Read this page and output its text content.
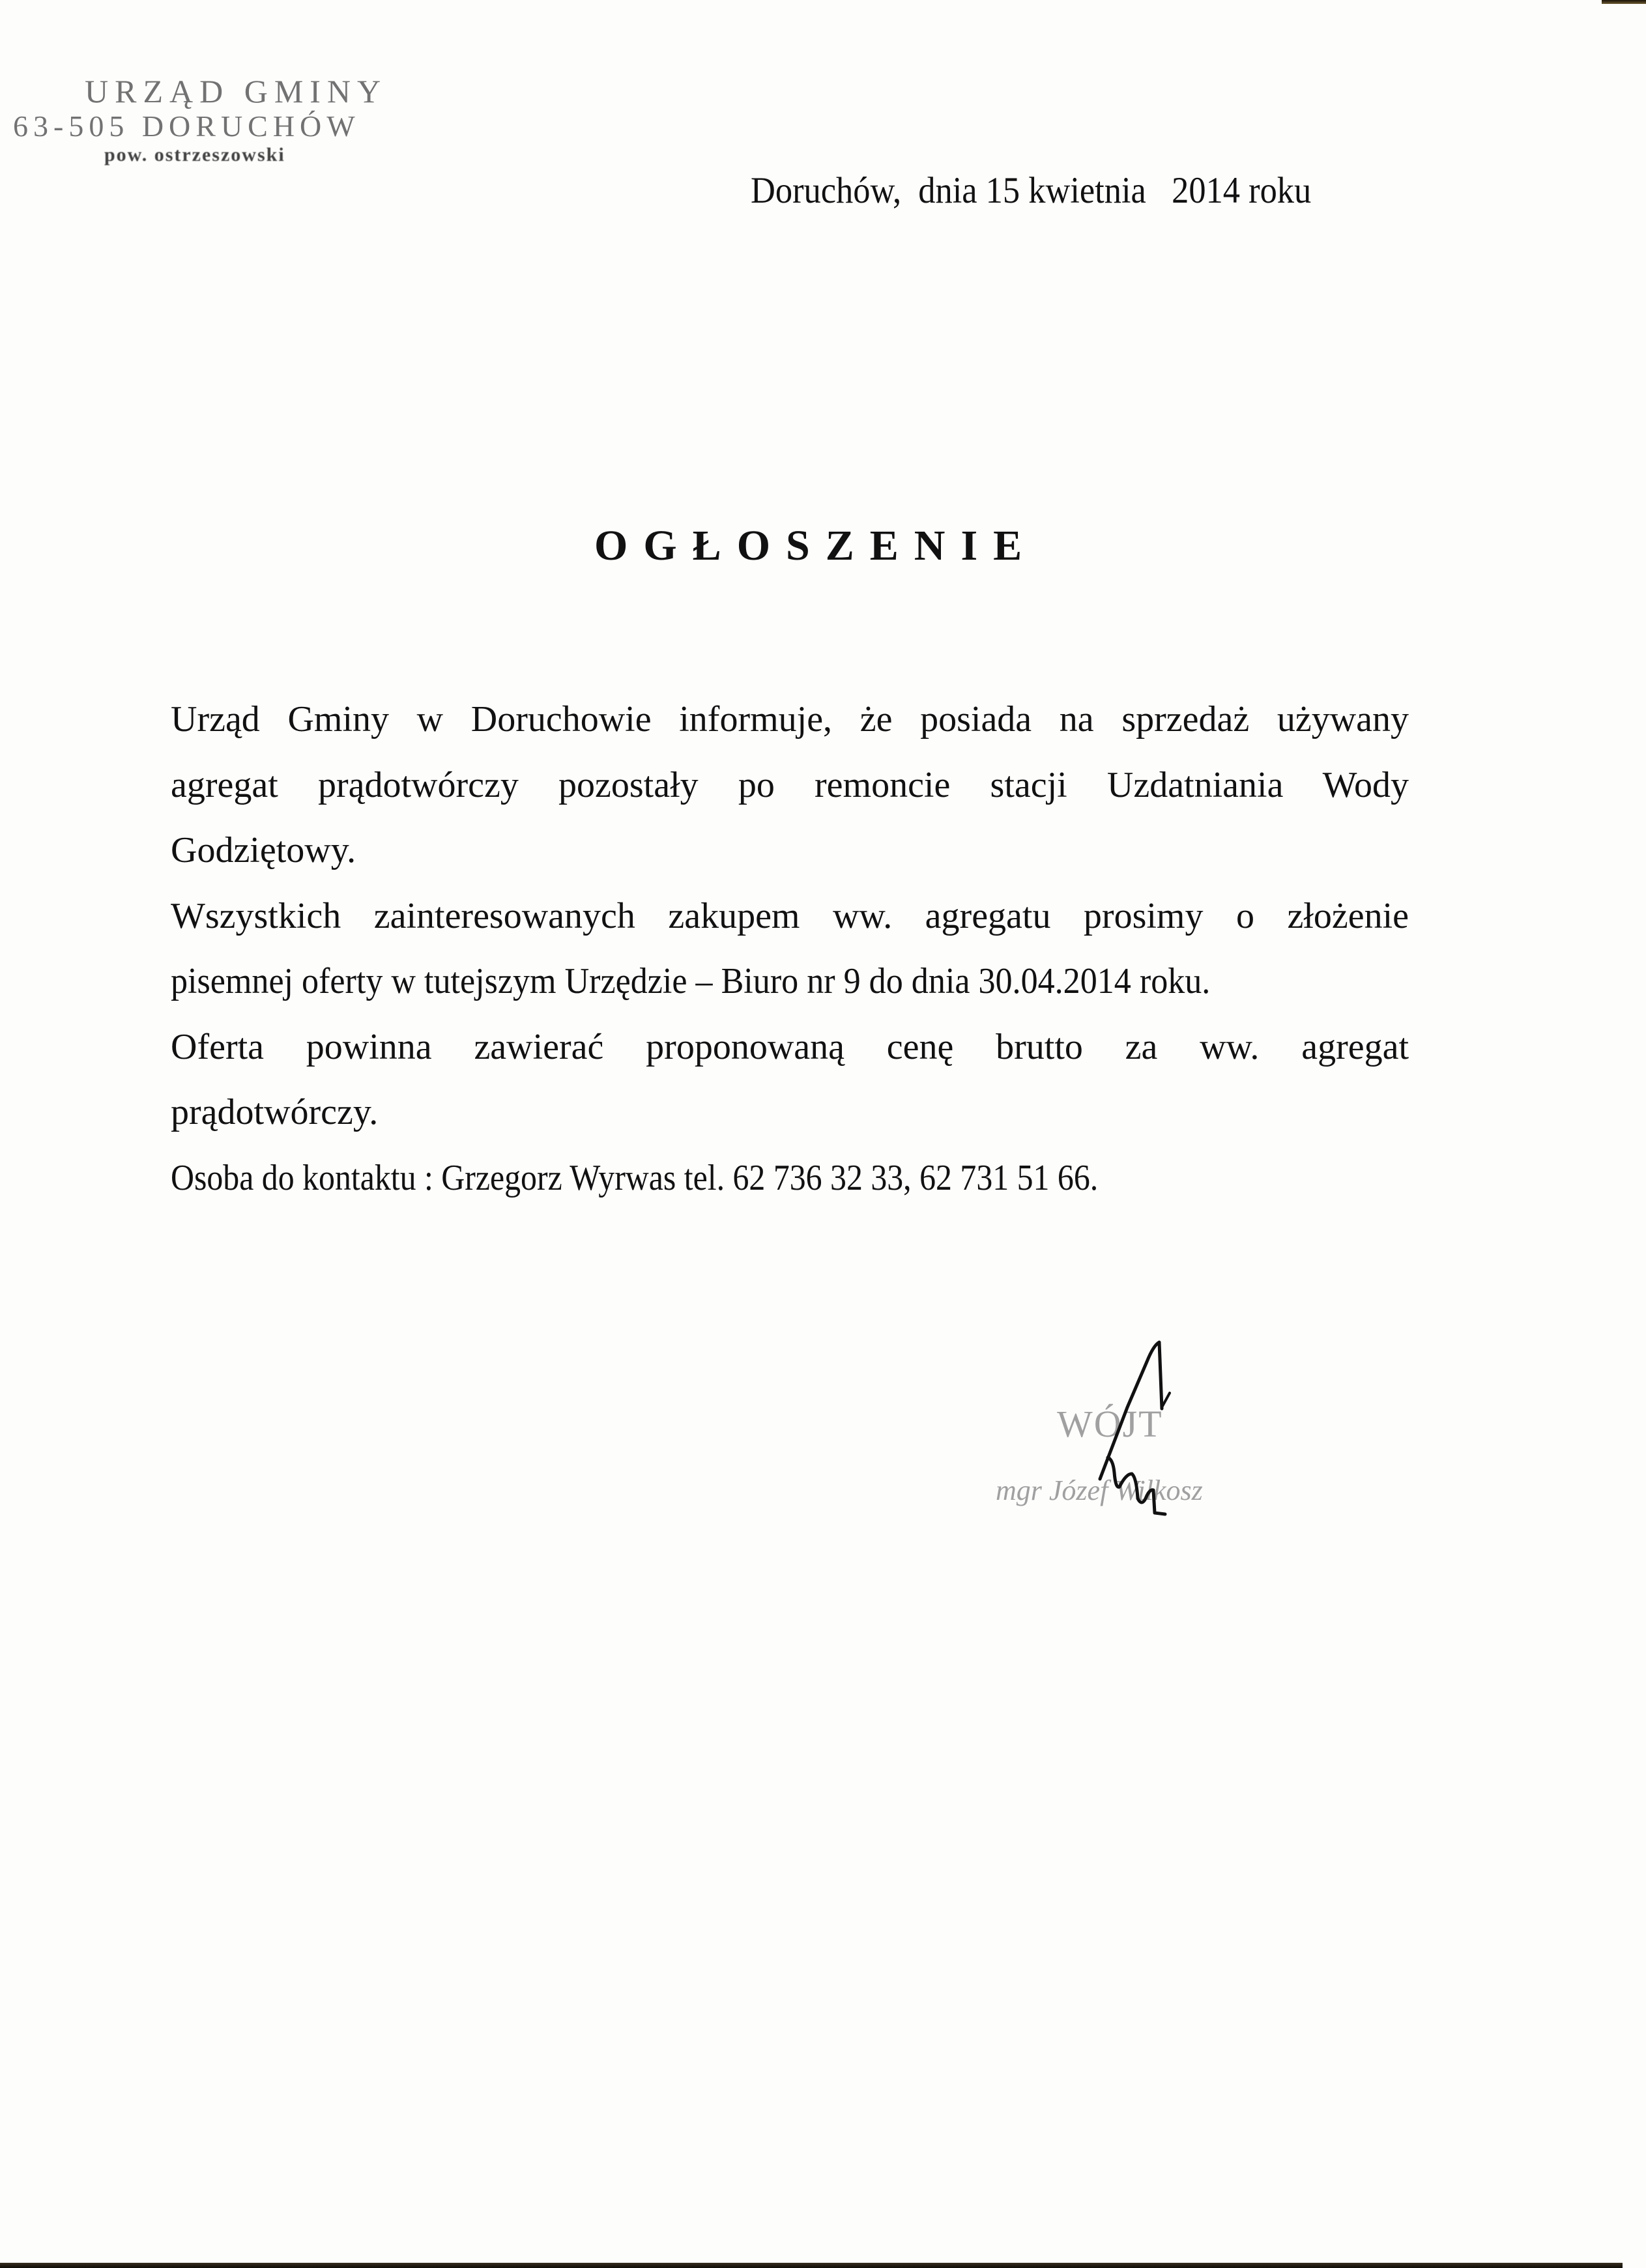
URZĄD GMINY
63-505 DORUCHÓW
pow. ostrzeszowski
Doruchów,  dnia 15 kwietnia   2014 roku
OGŁOSZENIE
Urząd Gminy w Doruchowie informuje, że posiada na sprzedaż używany
agregat prądotwórczy pozostały po remoncie stacji Uzdatniania Wody
Godziętowy.
Wszystkich zainteresowanych zakupem ww. agregatu prosimy o złożenie
pisemnej oferty w tutejszym Urzędzie – Biuro nr 9 do dnia 30.04.2014 roku.
Oferta powinna zawierać proponowaną cenę brutto za ww. agregat
prądotwórczy.
Osoba do kontaktu : Grzegorz Wyrwas tel. 62 736 32 33, 62 731 51 66.
WÓJT
mgr Józef Wilkosz
